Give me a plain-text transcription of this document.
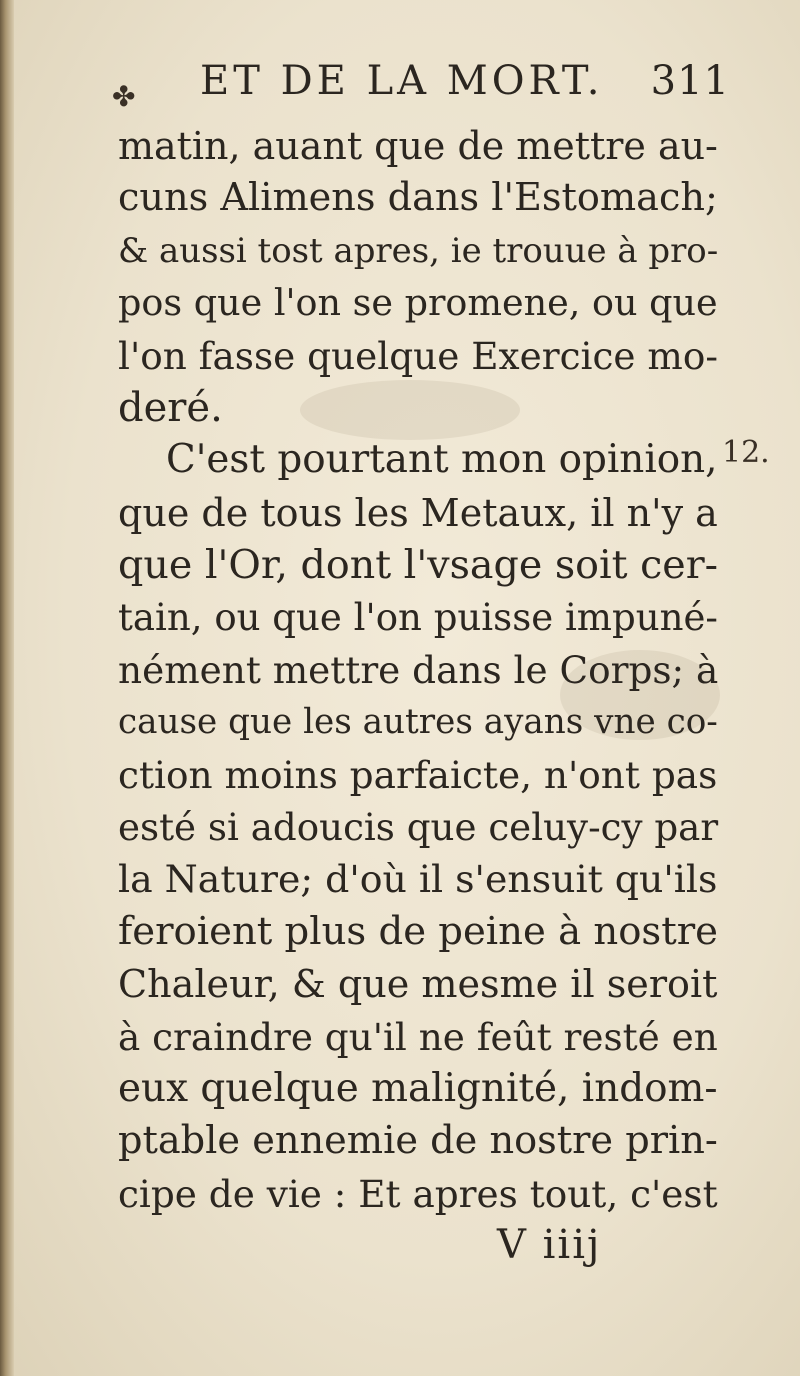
✤ ET DE LA MORT. 311
matin, auant que de mettre au-
cuns Alimens dans l'Estomach;
& aussi tost apres, ie trouue à pro-
pos que l'on se promene, ou que
l'on fasse quelque Exercice mo-
deré.
C'est pourtant mon opinion,
que de tous les Metaux, il n'y a
que l'Or, dont l'vsage soit cer-
tain, ou que l'on puisse impuné-
nément mettre dans le Corps; à
cause que les autres ayans vne co-
ction moins parfaicte, n'ont pas
esté si adoucis que celuy-cy par
la Nature; d'où il s'ensuit qu'ils
feroient plus de peine à nostre
Chaleur, & que mesme il seroit
à craindre qu'il ne feût resté en
eux quelque malignité, indom-
ptable ennemie de nostre prin-
cipe de vie : Et apres tout, c'est
12.
V iiij
